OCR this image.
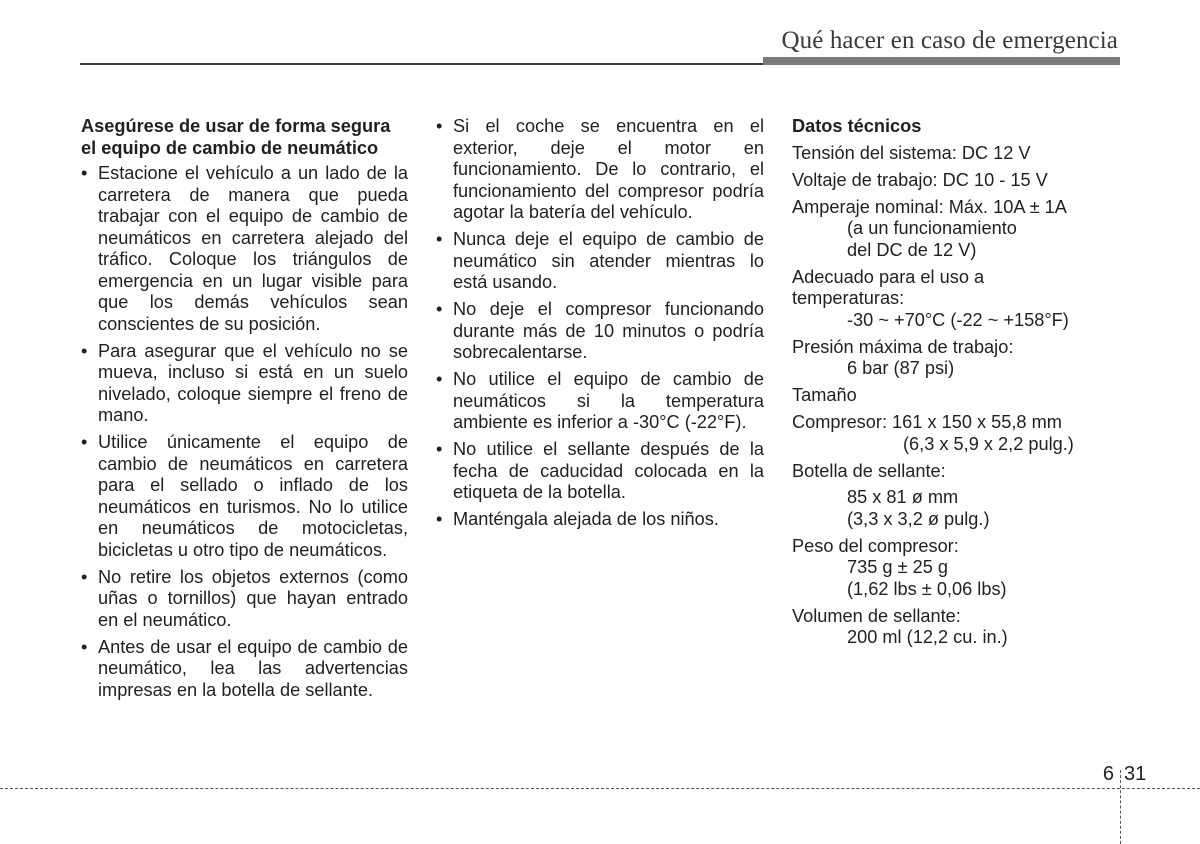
Qué hacer en caso de emergencia

Asegúrese de usar de forma segura el equipo de cambio de neumático

• Estacione el vehículo a un lado de la carretera de manera que pueda trabajar con el equipo de cambio de neumáticos en carretera alejado del tráfico. Coloque los triángulos de emergencia en un lugar visible para que los demás vehículos sean conscientes de su posición.
• Para asegurar que el vehículo no se mueva, incluso si está en un suelo nivelado, coloque siempre el freno de mano.
• Utilice únicamente el equipo de cambio de neumáticos en carretera para el sellado o inflado de los neumáticos en turismos. No lo utilice en neumáticos de motocicletas, bicicletas u otro tipo de neumáticos.
• No retire los objetos externos (como uñas o tornillos) que hayan entrado en el neumático.
• Antes de usar el equipo de cambio de neumático, lea las advertencias impresas en la botella de sellante.
• Si el coche se encuentra en el exterior, deje el motor en funcionamiento. De lo contrario, el funcionamiento del compresor podría agotar la batería del vehículo.
• Nunca deje el equipo de cambio de neumático sin atender mientras lo está usando.
• No deje el compresor funcionando durante más de 10 minutos o podría sobrecalentarse.
• No utilice el equipo de cambio de neumáticos si la temperatura ambiente es inferior a -30°C (-22°F).
• No utilice el sellante después de la fecha de caducidad colocada en la etiqueta de la botella.
• Manténgala alejada de los niños.

Datos técnicos

Tensión del sistema: DC 12 V
Voltaje de trabajo: DC 10 - 15 V
Amperaje nominal: Máx. 10A ± 1A
(a un funcionamiento
del DC de 12 V)
Adecuado para el uso a
temperaturas:
-30 ~ +70°C (-22 ~ +158°F)
Presión máxima de trabajo:
6 bar (87 psi)
Tamaño
Compresor: 161 x 150 x 55,8 mm
(6,3 x 5,9 x 2,2 pulg.)
Botella de sellante:
85 x 81 ø mm
(3,3 x 3,2 ø pulg.)
Peso del compresor:
735 g ± 25 g
(1,62 lbs ± 0,06 lbs)
Volumen de sellante:
200 ml (12,2 cu. in.)
6 31
